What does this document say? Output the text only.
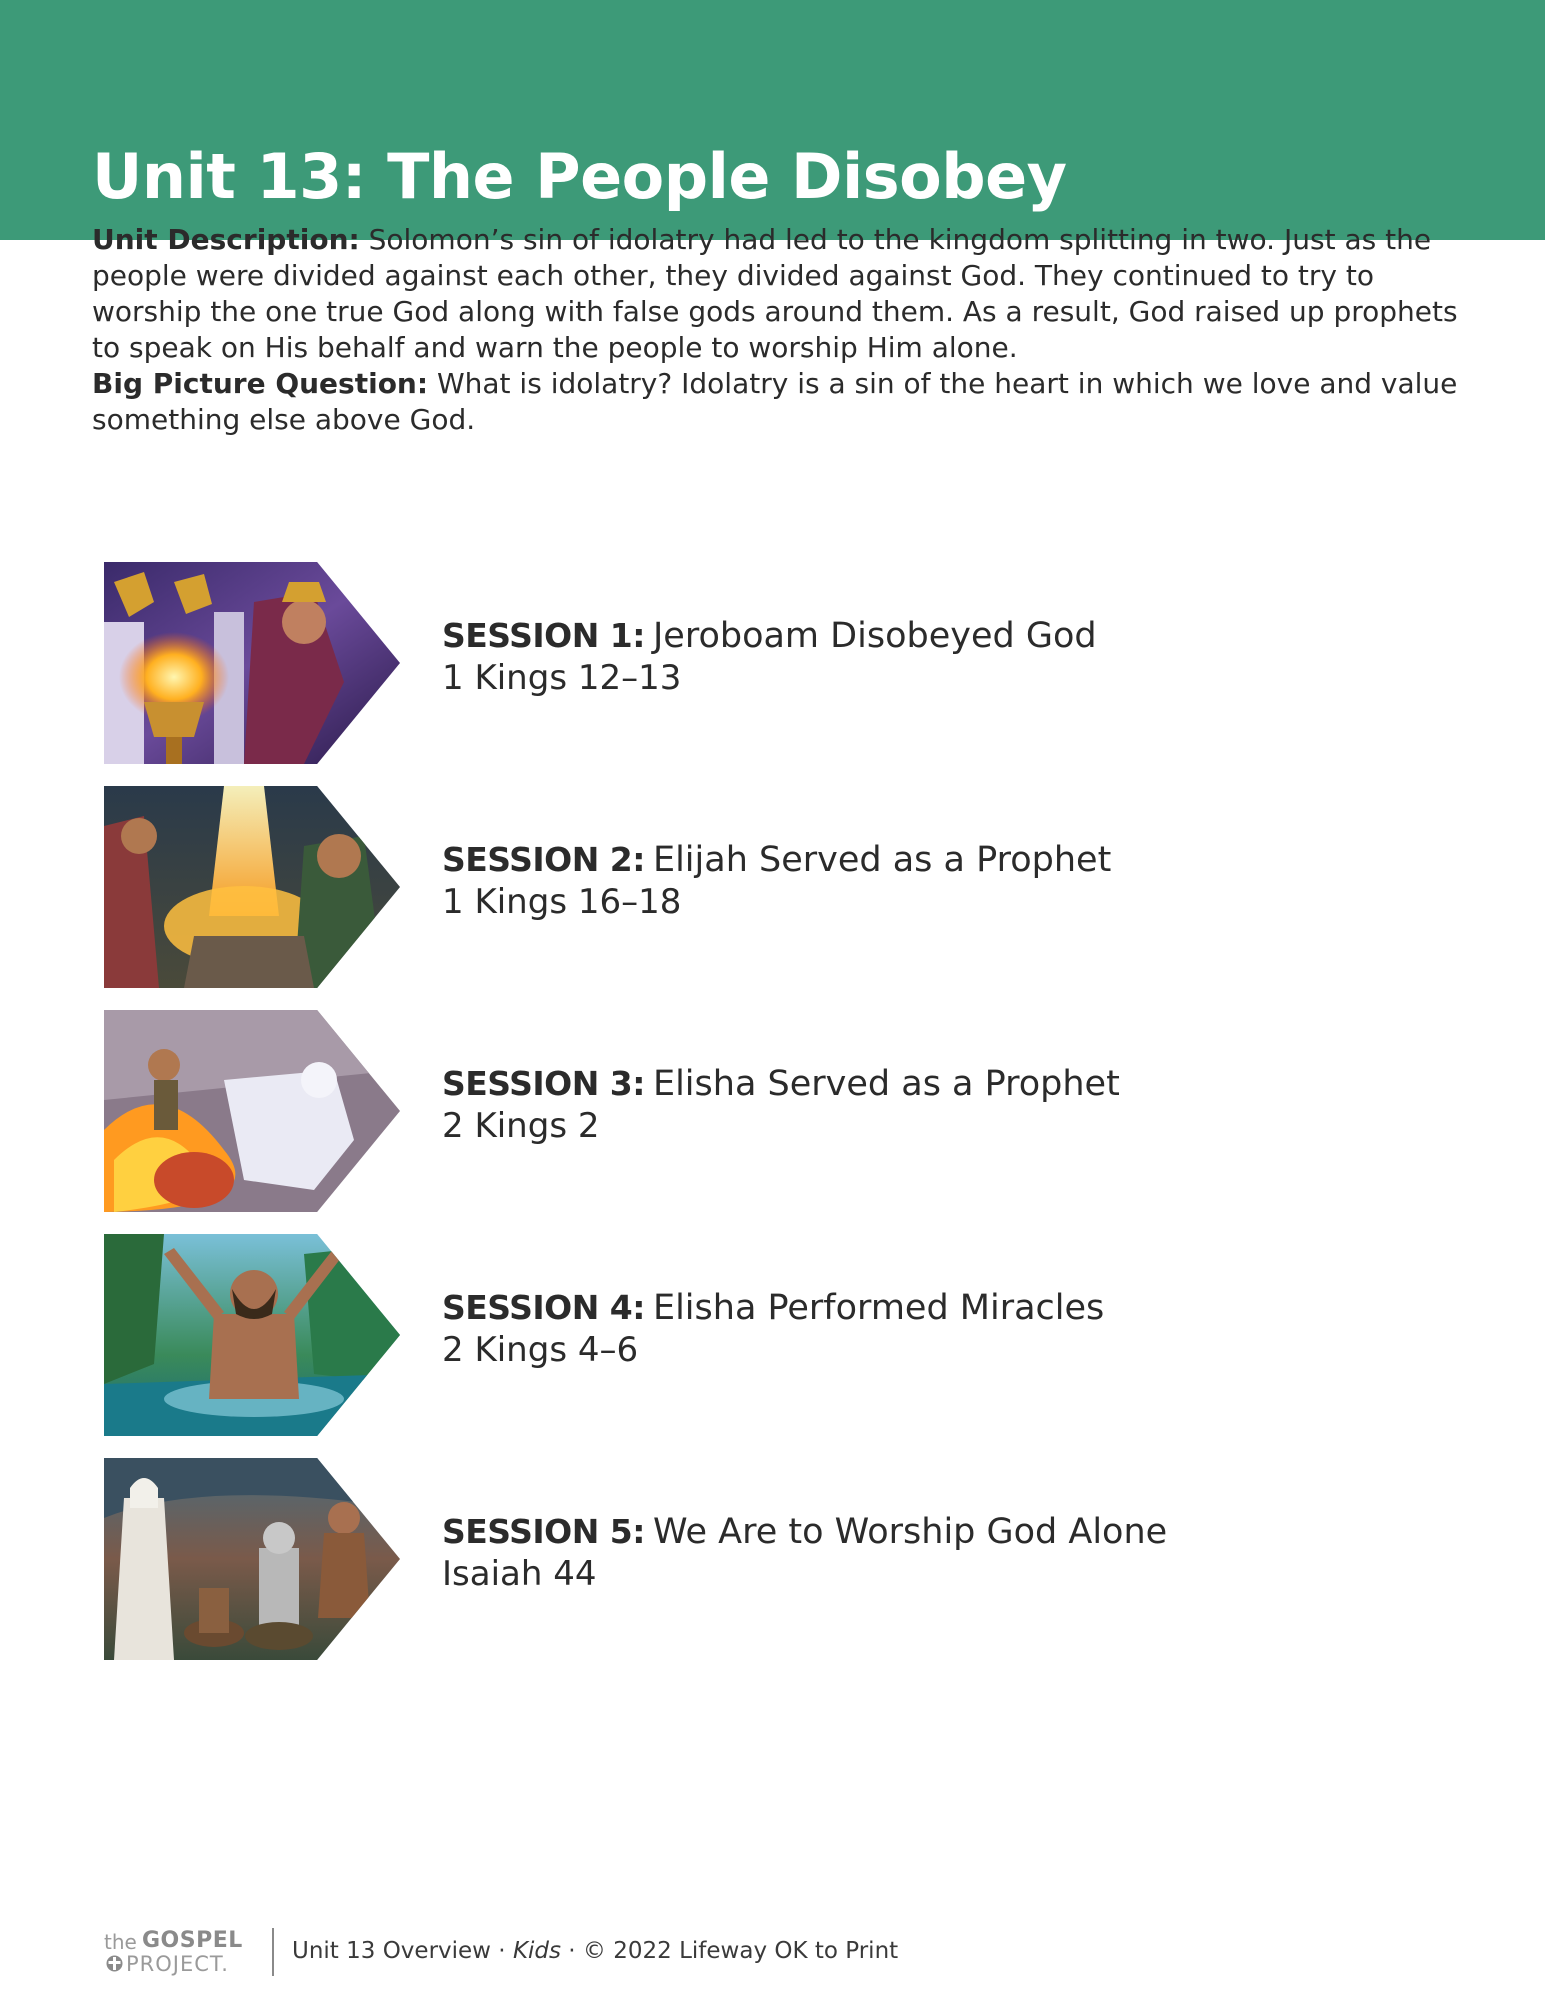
Unit 13: The People Disobey

Unit Description: Solomon’s sin of idolatry had led to the kingdom splitting in two. Just as the people were divided against each other, they divided against God. They continued to try to worship the one true God along with false gods around them. As a result, God raised up prophets to speak on His behalf and warn the people to worship Him alone.

Big Picture Question: What is idolatry? Idolatry is a sin of the heart in which we love and value something else above God.

SESSION 1: Jeroboam Disobeyed God
1 Kings 12–13
SESSION 2: Elijah Served as a Prophet
1 Kings 16–18
SESSION 3: Elisha Served as a Prophet
2 Kings 2
SESSION 4: Elisha Performed Miracles
2 Kings 4–6
SESSION 5: We Are to Worship God Alone
Isaiah 44
the GOSPEL
PROJECT.	Unit 13 Overview · Kids · © 2022 Lifeway OK to Print
